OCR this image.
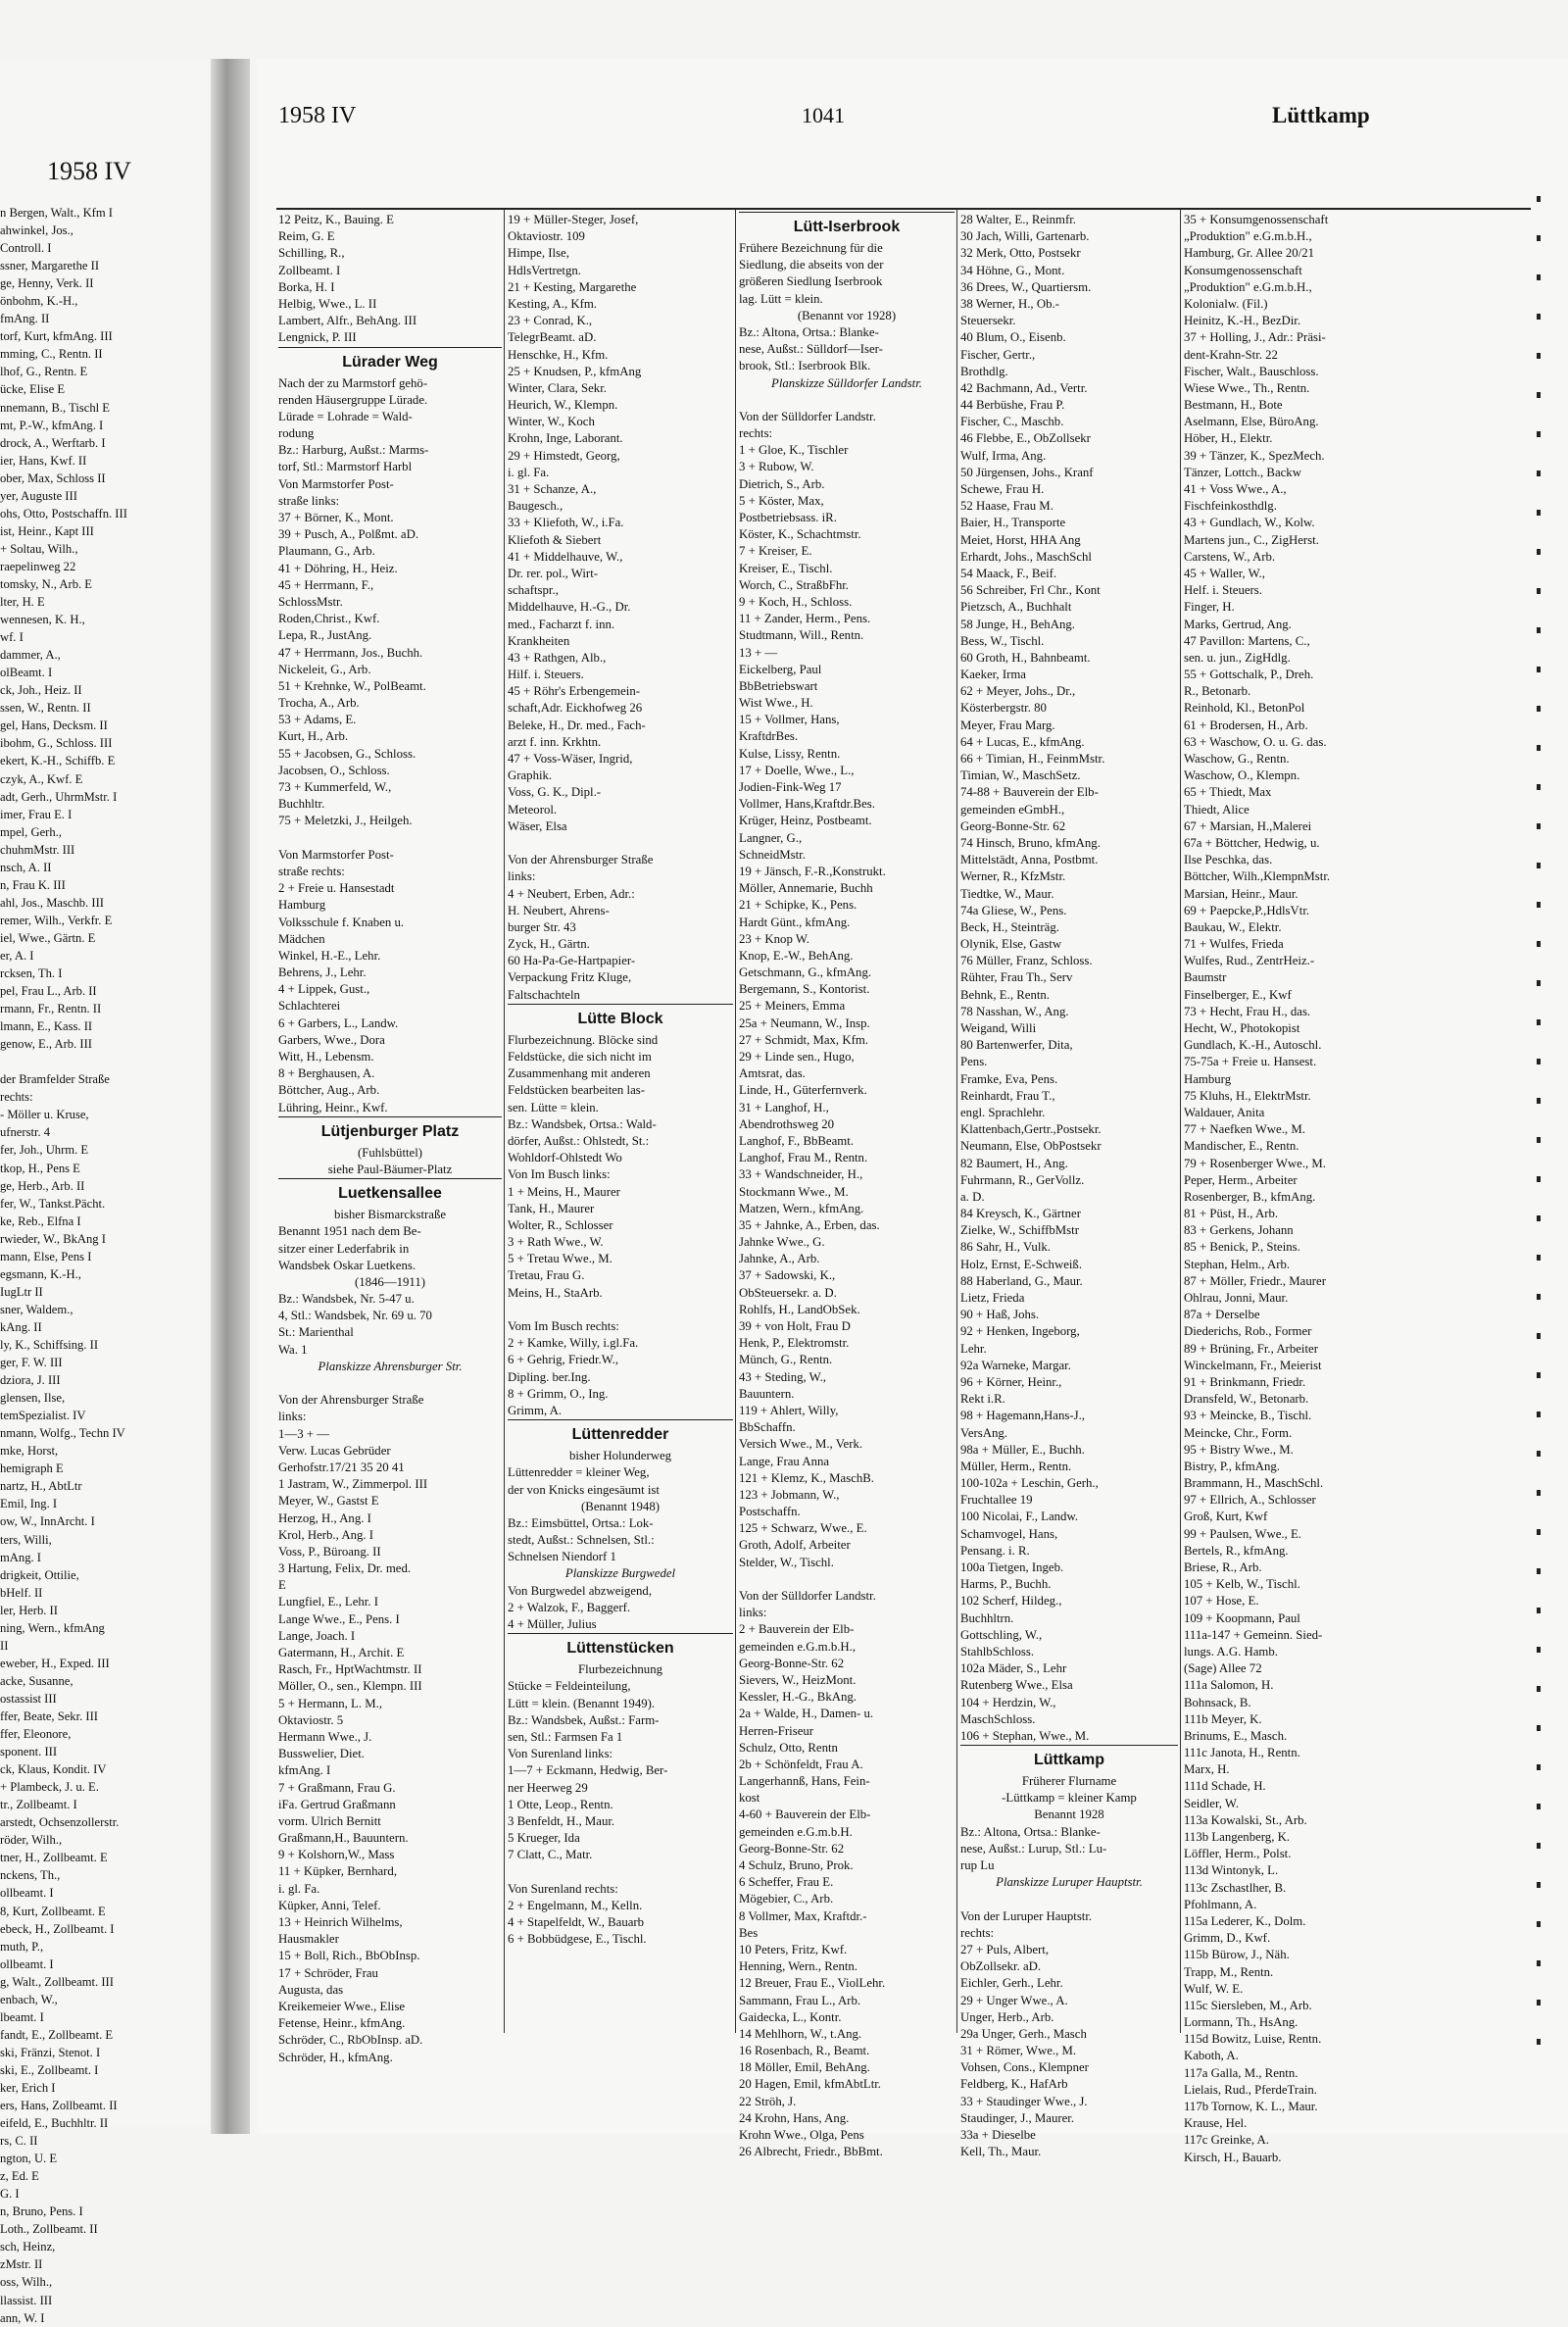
1958 IV
n Bergen, Walt., Kfm I
ahwinkel, Jos.,
Controll. I
ssner, Margarethe II
ge, Henny, Verk. II
önbohm, K.-H.,
fmAng. II
torf, Kurt, kfmAng. III
mming, C., Rentn. II
lhof, G., Rentn. E
ücke, Elise E
nnemann, B., Tischl E
mt, P.-W., kfmAng. I
drock, A., Werftarb. I
ier, Hans, Kwf. II
ober, Max, Schloss II
yer, Auguste III
ohs, Otto, Postschaffn. III
ist, Heinr., Kapt III
+ Soltau, Wilh.,
raepelinweg 22
tomsky, N., Arb. E
lter, H. E
wennesen, K. H.,
wf. I
dammer, A.,
olBeamt. I
ck, Joh., Heiz. II
ssen, W., Rentn. II
gel, Hans, Decksm. II
ibohm, G., Schloss. III
ekert, K.-H., Schiffb. E
czyk, A., Kwf. E
adt, Gerh., UhrmMstr. I
imer, Frau E. I
mpel, Gerh.,
chuhmMstr. III
nsch, A. II
n, Frau K. III
ahl, Jos., Maschb. III
remer, Wilh., Verkfr. E
iel, Wwe., Gärtn. E
er, A. I
rcksen, Th. I
pel, Frau L., Arb. II
rmann, Fr., Rentn. II
lmann, E., Kass. II
genow, E., Arb. III
der Bramfelder Straße
rechts:
- Möller u. Kruse,
ufnerstr. 4
fer, Joh., Uhrm. E
tkop, H., Pens E
ge, Herb., Arb. II
fer, W., Tankst.Pächt.
ke, Reb., Elfna I
rwieder, W., BkAng I
mann, Else, Pens I
egsmann, K.-H.,
IugLtr II
sner, Waldem.,
kAng. II
ly, K., Schiffsing. II
ger, F. W. III
dziora, J. III
glensen, Ilse,
temSpezialist. IV
nmann, Wolfg., Techn IV
mke, Horst,
hemigraph E
nartz, H., AbtLtr
Emil, Ing. I
ow, W., InnArcht. I
ters, Willi,
mAng. I
drigkeit, Ottilie,
bHelf. II
ler, Herb. II
ning, Wern., kfmAng
II
eweber, H., Exped. III
acke, Susanne,
ostassist III
ffer, Beate, Sekr. III
ffer, Eleonore,
sponent. III
ck, Klaus, Kondit. IV
+ Plambeck, J. u. E.
tr., Zollbeamt. I
arstedt, Ochsenzollerstr.
röder, Wilh.,
tner, H., Zollbeamt. E
nckens, Th.,
ollbeamt. I
8, Kurt, Zollbeamt. E
ebeck, H., Zollbeamt. I
muth, P.,
ollbeamt. I
g, Walt., Zollbeamt. III
enbach, W.,
lbeamt. I
fandt, E., Zollbeamt. E
ski, Fränzi, Stenot. I
ski, E., Zollbeamt. I
ker, Erich I
ers, Hans, Zollbeamt. II
eifeld, E., Buchhltr. II
rs, C. II
ngton, U. E
z, Ed. E
G. I
n, Bruno, Pens. I
Loth., Zollbeamt. II
sch, Heinz,
zMstr. II
oss, Wilh.,
llassist. III
ann, W. I
1958 IV	1041	Lüttkamp
12 Peitz, K., Bauing. E
Reim, G. E
Schilling, R.,
Zollbeamt. I
Borka, H. I
Helbig, Wwe., L. II
Lambert, Alfr., BehAng. III
Lengnick, P. III
Lürader Weg
Nach der zu Marmstorf gehö-
renden Häusergruppe Lürade.
Lürade = Lohrade = Wald-
rodung
Bz.: Harburg, Außst.: Marms-
torf, Stl.: Marmstorf Harbl
Von Marmstorfer Post-
straße links:
37 + Börner, K., Mont.
39 + Pusch, A., Polßmt. aD.
Plaumann, G., Arb.
41 + Döhring, H., Heiz.
45 + Herrmann, F.,
SchlossMstr.
Roden,Christ., Kwf.
Lepa, R., JustAng.
47 + Herrmann, Jos., Buchh.
Nickeleit, G., Arb.
51 + Krehnke, W., PolBeamt.
Trocha, A., Arb.
53 + Adams, E.
Kurt, H., Arb.
55 + Jacobsen, G., Schloss.
Jacobsen, O., Schloss.
73 + Kummerfeld, W.,
Buchhltr.
75 + Meletzki, J., Heilgeh.
Von Marmstorfer Post-
straße rechts:
2 + Freie u. Hansestadt
Hamburg
Volksschule f. Knaben u.
Mädchen
Winkel, H.-E., Lehr.
Behrens, J., Lehr.
4 + Lippek, Gust.,
Schlachterei
6 + Garbers, L., Landw.
Garbers, Wwe., Dora
Witt, H., Lebensm.
8 + Berghausen, A.
Böttcher, Aug., Arb.
Lühring, Heinr., Kwf.
Lütjenburger Platz
(Fuhlsbüttel)
siehe Paul-Bäumer-Platz
Luetkensallee
bisher Bismarckstraße
Benannt 1951 nach dem Be-
sitzer einer Lederfabrik in
Wandsbek Oskar Luetkens.
(1846—1911)
Bz.: Wandsbek, Nr. 5-47 u.
4, Stl.: Wandsbek, Nr. 69 u. 70
St.: Marienthal
Wa. 1
Planskizze Ahrensburger Str.
Von der Ahrensburger Straße
links:
1—3 + —
Verw. Lucas Gebrüder
Gerhofstr.17/21 35 20 41
1 Jastram, W., Zimmerpol. III
Meyer, W., Gastst E
Herzog, H., Ang. I
Krol, Herb., Ang. I
Voss, P., Büroang. II
3 Hartung, Felix, Dr. med.
E
Lungfiel, E., Lehr. I
Lange Wwe., E., Pens. I
Lange, Joach. I
Gatermann, H., Archit. E
Rasch, Fr., HptWachtmstr. II
Möller, O., sen., Klempn. III
5 + Hermann, L. M.,
Oktaviostr. 5
Hermann Wwe., J.
Busswelier, Diet.
kfmAng. I
7 + Graßmann, Frau G.
iFa. Gertrud Graßmann
vorm. Ulrich Bernitt
Graßmann,H., Bauuntern.
9 + Kolshorn,W., Mass
11 + Küpker, Bernhard,
i. gl. Fa.
Küpker, Anni, Telef.
13 + Heinrich Wilhelms,
Hausmakler
15 + Boll, Rich., BbObInsp.
17 + Schröder, Frau
Augusta, das
Kreikemeier Wwe., Elise
Fetense, Heinr., kfmAng.
Schröder, C., RbObInsp. aD.
Schröder, H., kfmAng.
19 + Müller-Steger, Josef,
Oktaviostr. 109
Himpe, Ilse,
HdlsVertretgn.
21 + Kesting, Margarethe
Kesting, A., Kfm.
23 + Conrad, K.,
TelegrBeamt. aD.
Henschke, H., Kfm.
25 + Knudsen, P., kfmAng
Winter, Clara, Sekr.
Heurich, W., Klempn.
Winter, W., Koch
Krohn, Inge, Laborant.
29 + Himstedt, Georg,
i. gl. Fa.
31 + Schanze, A.,
Baugesch.,
33 + Kliefoth, W., i.Fa.
Kliefoth & Siebert
41 + Middelhauve, W.,
Dr. rer. pol., Wirt-
schaftspr.,
Middelhauve, H.-G., Dr.
med., Facharzt f. inn.
Krankheiten
43 + Rathgen, Alb.,
Hilf. i. Steuers.
45 + Röhr's Erbengemein-
schaft,Adr. Eickhofweg 26
Beleke, H., Dr. med., Fach-
arzt f. inn. Krkhtn.
47 + Voss-Wäser, Ingrid,
Graphik.
Voss, G. K., Dipl.-
Meteorol.
Wäser, Elsa
Von der Ahrensburger Straße
links:
4 + Neubert, Erben, Adr.:
H. Neubert, Ahrens-
burger Str. 43
Zyck, H., Gärtn.
60 Ha-Pa-Ge-Hartpapier-
Verpackung Fritz Kluge,
Faltschachteln
Lütte Block
Flurbezeichnung. Blöcke sind
Feldstücke, die sich nicht im
Zusammenhang mit anderen
Feldstücken bearbeiten las-
sen. Lütte = klein.
Bz.: Wandsbek, Ortsa.: Wald-
dörfer, Außst.: Ohlstedt, St.:
Wohldorf-Ohlstedt Wo
Von Im Busch links:
1 + Meins, H., Maurer
Tank, H., Maurer
Wolter, R., Schlosser
3 + Rath Wwe., W.
5 + Tretau Wwe., M.
Tretau, Frau G.
Meins, H., StaArb.
Vom Im Busch rechts:
2 + Kamke, Willy, i.gl.Fa.
6 + Gehrig, Friedr.W.,
Dipling. ber.Ing.
8 + Grimm, O., Ing.
Grimm, A.
Lüttenredder
bisher Holunderweg
Lüttenredder = kleiner Weg,
der von Knicks eingesäumt ist
(Benannt 1948)
Bz.: Eimsbüttel, Ortsa.: Lok-
stedt, Außst.: Schnelsen, Stl.:
Schnelsen Niendorf 1
Planskizze Burgwedel
Von Burgwedel abzweigend,
2 + Walzok, F., Baggerf.
4 + Müller, Julius
Lüttenstücken
Flurbezeichnung
Stücke = Feldeinteilung,
Lütt = klein. (Benannt 1949).
Bz.: Wandsbek, Außst.: Farm-
sen, Stl.: Farmsen Fa 1
Von Surenland links:
1—7 + Eckmann, Hedwig, Ber-
ner Heerweg 29
1 Otte, Leop., Rentn.
3 Benfeldt, H., Maur.
5 Krueger, Ida
7 Clatt, C., Matr.
Von Surenland rechts:
2 + Engelmann, M., Kelln.
4 + Stapelfeldt, W., Bauarb
6 + Bobbüdgese, E., Tischl.
Lütt-Iserbrook
Frühere Bezeichnung für die
Siedlung, die abseits von der
größeren Siedlung Iserbrook
lag. Lütt = klein.
(Benannt vor 1928)
Bz.: Altona, Ortsa.: Blanke-
nese, Außst.: Sülldorf—Iser-
brook, Stl.: Iserbrook Blk.
Planskizze Sülldorfer Landstr.
Von der Sülldorfer Landstr.
rechts:
1 + Gloe, K., Tischler
3 + Rubow, W.
Dietrich, S., Arb.
5 + Köster, Max,
Postbetriebsass. iR.
Köster, K., Schachtmstr.
7 + Kreiser, E.
Kreiser, E., Tischl.
Worch, C., StraßbFhr.
9 + Koch, H., Schloss.
11 + Zander, Herm., Pens.
Studtmann, Will., Rentn.
13 + —
Eickelberg, Paul
BbBetriebswart
Wist Wwe., H.
15 + Vollmer, Hans,
KraftdrBes.
Kulse, Lissy, Rentn.
17 + Doelle, Wwe., L.,
Jodien-Fink-Weg 17
Vollmer, Hans,Kraftdr.Bes.
Krüger, Heinz, Postbeamt.
Langner, G.,
SchneidMstr.
19 + Jänsch, F.-R.,Konstrukt.
Möller, Annemarie, Buchh
21 + Schipke, K., Pens.
Hardt Günt., kfmAng.
23 + Knop W.
Knop, E.-W., BehAng.
Getschmann, G., kfmAng.
Bergemann, S., Kontorist.
25 + Meiners, Emma
25a + Neumann, W., Insp.
27 + Schmidt, Max, Kfm.
29 + Linde sen., Hugo,
Amtsrat, das.
Linde, H., Güterfernverk.
31 + Langhof, H.,
Abendrothsweg 20
Langhof, F., BbBeamt.
Langhof, Frau M., Rentn.
33 + Wandschneider, H.,
Stockmann Wwe., M.
Matzen, Wern., kfmAng.
35 + Jahnke, A., Erben, das.
Jahnke Wwe., G.
Jahnke, A., Arb.
37 + Sadowski, K.,
ObSteuersekr. a. D.
Rohlfs, H., LandObSek.
39 + von Holt, Frau D
Henk, P., Elektromstr.
Münch, G., Rentn.
43 + Steding, W.,
Bauuntern.
119 + Ahlert, Willy,
BbSchaffn.
Versich Wwe., M., Verk.
Lange, Frau Anna
121 + Klemz, K., MaschB.
123 + Jobmann, W.,
Postschaffn.
125 + Schwarz, Wwe., E.
Groth, Adolf, Arbeiter
Stelder, W., Tischl.
Von der Sülldorfer Landstr.
links:
2 + Bauverein der Elb-
gemeinden e.G.m.b.H.,
Georg-Bonne-Str. 62
Sievers, W., HeizMont.
Kessler, H.-G., BkAng.
2a + Walde, H., Damen- u.
Herren-Friseur
Schulz, Otto, Rentn
2b + Schönfeldt, Frau A.
Langerhannß, Hans, Fein-
kost
4-60 + Bauverein der Elb-
gemeinden e.G.m.b.H.
Georg-Bonne-Str. 62
4 Schulz, Bruno, Prok.
6 Scheffer, Frau E.
Mögebier, C., Arb.
8 Vollmer, Max, Kraftdr.-
Bes
10 Peters, Fritz, Kwf.
Henning, Wern., Rentn.
12 Breuer, Frau E., ViolLehr.
Sammann, Frau L., Arb.
Gaidecka, L., Kontr.
14 Mehlhorn, W., t.Ang.
16 Rosenbach, R., Beamt.
18 Möller, Emil, BehAng.
20 Hagen, Emil, kfmAbtLtr.
22 Ströh, J.
24 Krohn, Hans, Ang.
Krohn Wwe., Olga, Pens
26 Albrecht, Friedr., BbBmt.
28 Walter, E., Reinmfr.
30 Jach, Willi, Gartenarb.
32 Merk, Otto, Postsekr
34 Höhne, G., Mont.
36 Drees, W., Quartiersm.
38 Werner, H., Ob.-
Steuersekr.
40 Blum, O., Eisenb.
Fischer, Gertr.,
Brothdlg.
42 Bachmann, Ad., Vertr.
44 Berbüshe, Frau P.
Fischer, C., Maschb.
46 Flebbe, E., ObZollsekr
Wulf, Irma, Ang.
50 Jürgensen, Johs., Kranf
Schewe, Frau H.
52 Haase, Frau M.
Baier, H., Transporte
Meiet, Horst, HHA Ang
Erhardt, Johs., MaschSchl
54 Maack, F., Beif.
56 Schreiber, Frl Chr., Kont
Pietzsch, A., Buchhalt
58 Junge, H., BehAng.
Bess, W., Tischl.
60 Groth, H., Bahnbeamt.
Kaeker, Irma
62 + Meyer, Johs., Dr.,
Kösterbergstr. 80
Meyer, Frau Marg.
64 + Lucas, E., kfmAng.
66 + Timian, H., FeinmMstr.
Timian, W., MaschSetz.
74-88 + Bauverein der Elb-
gemeinden eGmbH.,
Georg-Bonne-Str. 62
74 Hinsch, Bruno, kfmAng.
Mittelstädt, Anna, Postbmt.
Werner, R., KfzMstr.
Tiedtke, W., Maur.
74a Gliese, W., Pens.
Beck, H., Steinträg.
Olynik, Else, Gastw
76 Müller, Franz, Schloss.
Rühter, Frau Th., Serv
Behnk, E., Rentn.
78 Nasshan, W., Ang.
Weigand, Willi
80 Bartenwerfer, Dita,
Pens.
Framke, Eva, Pens.
Reinhardt, Frau T.,
engl. Sprachlehr.
Klattenbach,Gertr.,Postsekr.
Neumann, Else, ObPostsekr
82 Baumert, H., Ang.
Fuhrmann, R., GerVollz.
a. D.
84 Kreysch, K., Gärtner
Zielke, W., SchiffbMstr
86 Sahr, H., Vulk.
Holz, Ernst, E-Schweiß.
88 Haberland, G., Maur.
Lietz, Frieda
90 + Haß, Johs.
92 + Henken, Ingeborg,
Lehr.
92a Warneke, Margar.
96 + Körner, Heinr.,
Rekt i.R.
98 + Hagemann,Hans-J.,
VersAng.
98a + Müller, E., Buchh.
Müller, Herm., Rentn.
100-102a + Leschin, Gerh.,
Fruchtallee 19
100 Nicolai, F., Landw.
Schamvogel, Hans,
Pensang. i. R.
100a Tietgen, Ingeb.
Harms, P., Buchh.
102 Scherf, Hildeg.,
Buchhltrn.
Gottschling, W.,
StahlbSchloss.
102a Mäder, S., Lehr
Rutenberg Wwe., Elsa
104 + Herdzin, W.,
MaschSchloss.
106 + Stephan, Wwe., M.
Lüttkamp
Früherer Flurname
-Lüttkamp = kleiner Kamp
Benannt 1928
Bz.: Altona, Ortsa.: Blanke-
nese, Außst.: Lurup, Stl.: Lu-
rup Lu
Planskizze Luruper Hauptstr.
Von der Luruper Hauptstr.
rechts:
27 + Puls, Albert,
ObZollsekr. aD.
Eichler, Gerh., Lehr.
29 + Unger Wwe., A.
Unger, Herb., Arb.
29a Unger, Gerh., Masch
31 + Römer, Wwe., M.
Vohsen, Cons., Klempner
Feldberg, K., HafArb
33 + Staudinger Wwe., J.
Staudinger, J., Maurer.
33a + Dieselbe
Kell, Th., Maur.
35 + Konsumgenossenschaft
„Produktion" e.G.m.b.H.,
Hamburg, Gr. Allee 20/21
Konsumgenossenschaft
„Produktion" e.G.m.b.H.,
Kolonialw. (Fil.)
Heinitz, K.-H., BezDir.
37 + Holling, J., Adr.: Präsi-
dent-Krahn-Str. 22
Fischer, Walt., Bauschloss.
Wiese Wwe., Th., Rentn.
Bestmann, H., Bote
Aselmann, Else, BüroAng.
Höber, H., Elektr.
39 + Tänzer, K., SpezMech.
Tänzer, Lottch., Backw
41 + Voss Wwe., A.,
Fischfeinkosthdlg.
43 + Gundlach, W., Kolw.
Martens jun., C., ZigHerst.
Carstens, W., Arb.
45 + Waller, W.,
Helf. i. Steuers.
Finger, H.
Marks, Gertrud, Ang.
47 Pavillon: Martens, C.,
sen. u. jun., ZigHdlg.
55 + Gottschalk, P., Dreh.
R., Betonarb.
Reinhold, Kl., BetonPol
61 + Brodersen, H., Arb.
63 + Waschow, O. u. G. das.
Waschow, G., Rentn.
Waschow, O., Klempn.
65 + Thiedt, Max
Thiedt, Alice
67 + Marsian, H.,Malerei
67a + Böttcher, Hedwig, u.
Ilse Peschka, das.
Böttcher, Wilh.,KlempnMstr.
Marsian, Heinr., Maur.
69 + Paepcke,P.,HdlsVtr.
Baukau, W., Elektr.
71 + Wulfes, Frieda
Wulfes, Rud., ZentrHeiz.-
Baumstr
Finselberger, E., Kwf
73 + Hecht, Frau H., das.
Hecht, W., Photokopist
Gundlach, K.-H., Autoschl.
75-75a + Freie u. Hansest.
Hamburg
75 Kluhs, H., ElektrMstr.
Waldauer, Anita
77 + Naefken Wwe., M.
Mandischer, E., Rentn.
79 + Rosenberger Wwe., M.
Peper, Herm., Arbeiter
Rosenberger, B., kfmAng.
81 + Püst, H., Arb.
83 + Gerkens, Johann
85 + Benick, P., Steins.
Stephan, Helm., Arb.
87 + Möller, Friedr., Maurer
Ohlrau, Jonni, Maur.
87a + Derselbe
Diederichs, Rob., Former
89 + Brüning, Fr., Arbeiter
Winckelmann, Fr., Meierist
91 + Brinkmann, Friedr.
Dransfeld, W., Betonarb.
93 + Meincke, B., Tischl.
Meincke, Chr., Form.
95 + Bistry Wwe., M.
Bistry, P., kfmAng.
Brammann, H., MaschSchl.
97 + Ellrich, A., Schlosser
Groß, Kurt, Kwf
99 + Paulsen, Wwe., E.
Bertels, R., kfmAng.
Briese, R., Arb.
105 + Kelb, W., Tischl.
107 + Hose, E.
109 + Koopmann, Paul
111a-147 + Gemeinn. Sied-
lungs. A.G. Hamb.
(Sage) Allee 72
111a Salomon, H.
Bohnsack, B.
111b Meyer, K.
Brinums, E., Masch.
111c Janota, H., Rentn.
Marx, H.
111d Schade, H.
Seidler, W.
113a Kowalski, St., Arb.
113b Langenberg, K.
Löffler, Herm., Polst.
113d Wintonyk, L.
113c Zschastlher, B.
Pfohlmann, A.
115a Lederer, K., Dolm.
Grimm, D., Kwf.
115b Bürow, J., Näh.
Trapp, M., Rentn.
Wulf, W. E.
115c Siersleben, M., Arb.
Lormann, Th., HsAng.
115d Bowitz, Luise, Rentn.
Kaboth, A.
117a Galla, M., Rentn.
Lielais, Rud., PferdeTrain.
117b Tornow, K. L., Maur.
Krause, Hel.
117c Greinke, A.
Kirsch, H., Bauarb.
